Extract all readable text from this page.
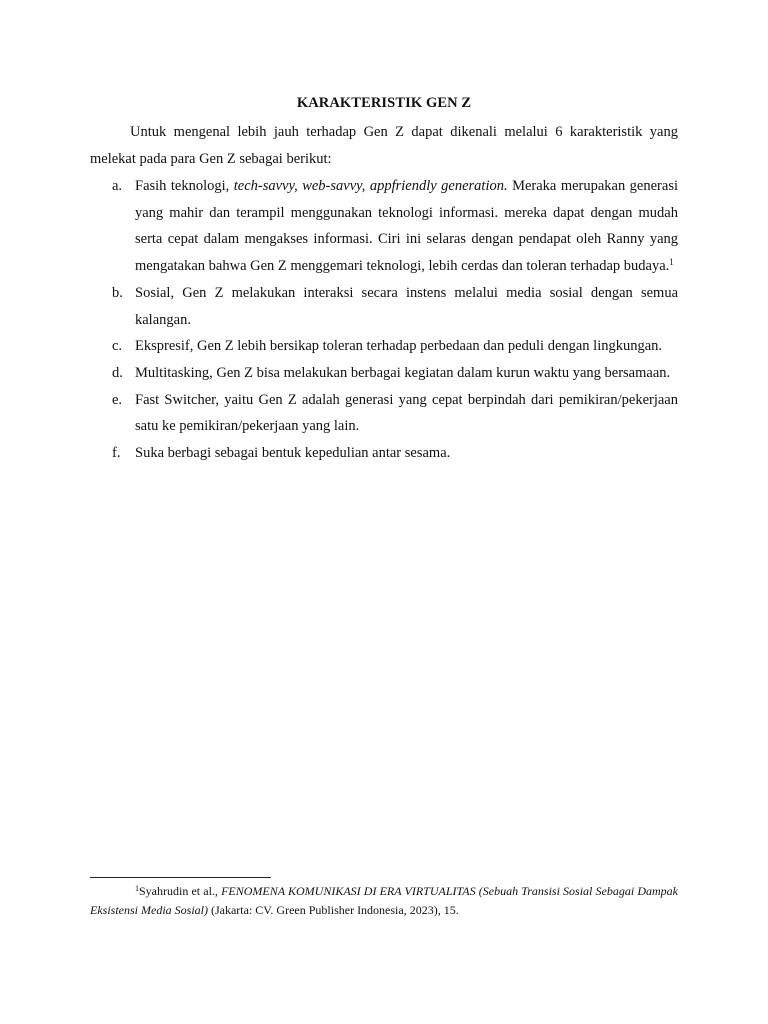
KARAKTERISTIK GEN Z

Untuk mengenal lebih jauh terhadap Gen Z dapat dikenali melalui 6 karakteristik yang melekat pada para Gen Z sebagai berikut:

a. Fasih teknologi, tech-savvy, web-savvy, appfriendly generation. Meraka merupakan generasi yang mahir dan terampil menggunakan teknologi informasi. mereka dapat dengan mudah serta cepat dalam mengakses informasi. Ciri ini selaras dengan pendapat oleh Ranny yang mengatakan bahwa Gen Z menggemari teknologi, lebih cerdas dan toleran terhadap budaya.$^1$
b. Sosial, Gen Z melakukan interaksi secara instens melalui media sosial dengan semua kalangan.
c. Ekspresif, Gen Z lebih bersikap toleran terhadap perbedaan dan peduli dengan lingkungan.
d. Multitasking, Gen Z bisa melakukan berbagai kegiatan dalam kurun waktu yang bersamaan.
e. Fast Switcher, yaitu Gen Z adalah generasi yang cepat berpindah dari pemikiran/pekerjaan satu ke pemikiran/pekerjaan yang lain.
f. Suka berbagi sebagai bentuk kepedulian antar sesama.

$^1$Syahrudin et al., FENOMENA KOMUNIKASI DI ERA VIRTUALITAS (Sebuah Transisi Sosial Sebagai Dampak Eksistensi Media Sosial) (Jakarta: CV. Green Publisher Indonesia, 2023), 15.
